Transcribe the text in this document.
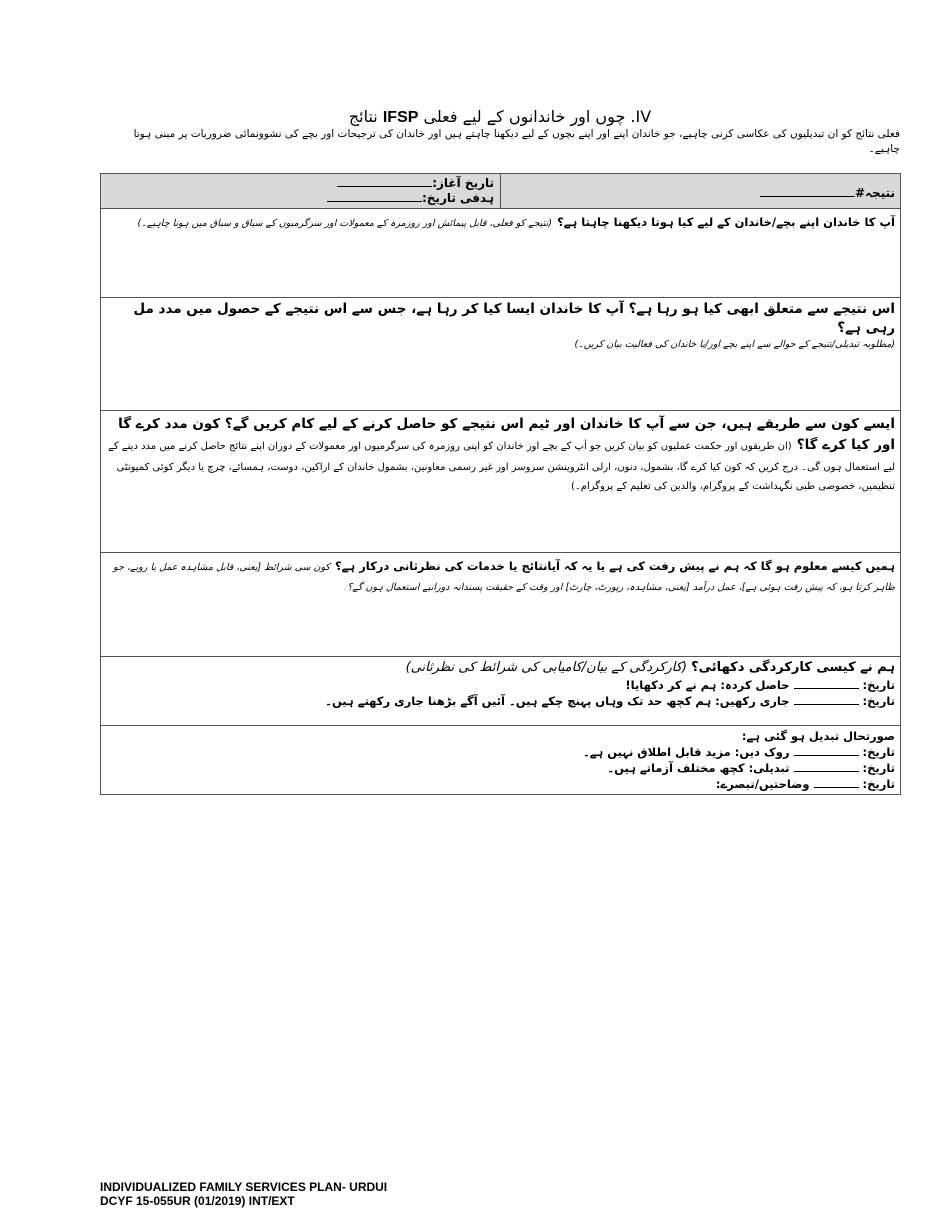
IV. چوں اور خاندانوں کے لیے فعلی IFSP نتائج
فعلی نتائج کو ان تبدیلیوں کی عکاسی کرنی چاہیے، جو خاندان اپنے اور اپنے بچوں کے لیے دیکھنا چاہتے ہیں اور خاندان کی ترجیحات اور بچے کی نشوونمائی ضروریات پر مبنی ہونا چاہیے۔
نتیجہ#	
تاریخ آغاز:
ہدفی تاریخ:

آپ کا خاندان اپنے بچے/خاندان کے لیے کیا ہوتا دیکھنا چاہتا ہے؟ (نتیجے کو فعلی، قابل پیمائش اور روزمرہ کے معمولات اور سرگرمیوں کے سیاق و سباق میں ہونا چاہیے۔)

اس نتیجے سے متعلق ابھی کیا ہو رہا ہے؟ آپ کا خاندان ایسا کیا کر رہا ہے، جس سے اس نتیجے کے حصول میں مدد مل رہی ہے؟
(مطلوبہ تبدیلی/نتیجے کے حوالے سے اپنے بچے اور/یا خاندان کی فعالیت بیان کریں۔)

ایسے کون سے طریقے ہیں، جن سے آپ کا خاندان اور ٹیم اس نتیجے کو حاصل کرنے کے لیے کام کریں گے؟ کون مدد کرے گا اور کیا کرے گا؟ (ان طریقوں اور حکمت عملیوں کو بیان کریں جو آپ کے بچے اور خاندان کو اپنی روزمرہ کی سرگرمیوں اور معمولات کے دوران اپنے نتائج حاصل کرنے میں مدد دینے کے لیے استعمال ہوں گی۔ درج کریں کہ کون کیا کرے گا، بشمول، دنوں، ارلی انٹروینشن سروسز اور غیر رسمی معاونین، بشمول خاندان کے اراکین، دوست، ہمسائے، چرچ یا دیگر کوئی کمیونٹی تنظیمیں، خصوصی طبی نگہداشت کے پروگرام، والدین کی تعلیم کے پروگرام۔)
ہمیں کیسے معلوم ہو گا کہ ہم نے پیش رفت کی ہے یا یہ کہ آیانتائج یا خدمات کی نظرثانی درکار ہے؟ کون سی شرائط [یعنی، قابل مشاہدہ عمل یا رویے، جو ظاہر کرتا ہو، کہ پیش رفت ہوئی ہے]، عمل درآمد [یعنی، مشاہدہ، رپورٹ، چارٹ] اور وقت کے حقیقت پسندانہ دورانیے استعمال ہوں گے؟

ہم نے کیسی کارکردگی دکھائی؟ (کارکردگی کے بیان/کامیابی کی شرائط کی نظرثانی)
تاریخ:  حاصل کردہ: ہم نے کر دکھایا!
تاریخ:  جاری رکھیں: ہم کچھ حد تک وہاں پہنچ چکے ہیں۔ آئیں آگے بڑھنا جاری رکھتے ہیں۔

صورتحال تبدیل ہو گئی ہے:
تاریخ:  روک دیں: مزید قابل اطلاق نہیں ہے۔
تاریخ:  تبدیلی: کچھ مختلف آزماتے ہیں۔
تاریخ:  وضاحتیں/تبصرے:
INDIVIDUALIZED FAMILY SERVICES PLAN- URDUI
DCYF 15-055UR (01/2019) INT/EXT
